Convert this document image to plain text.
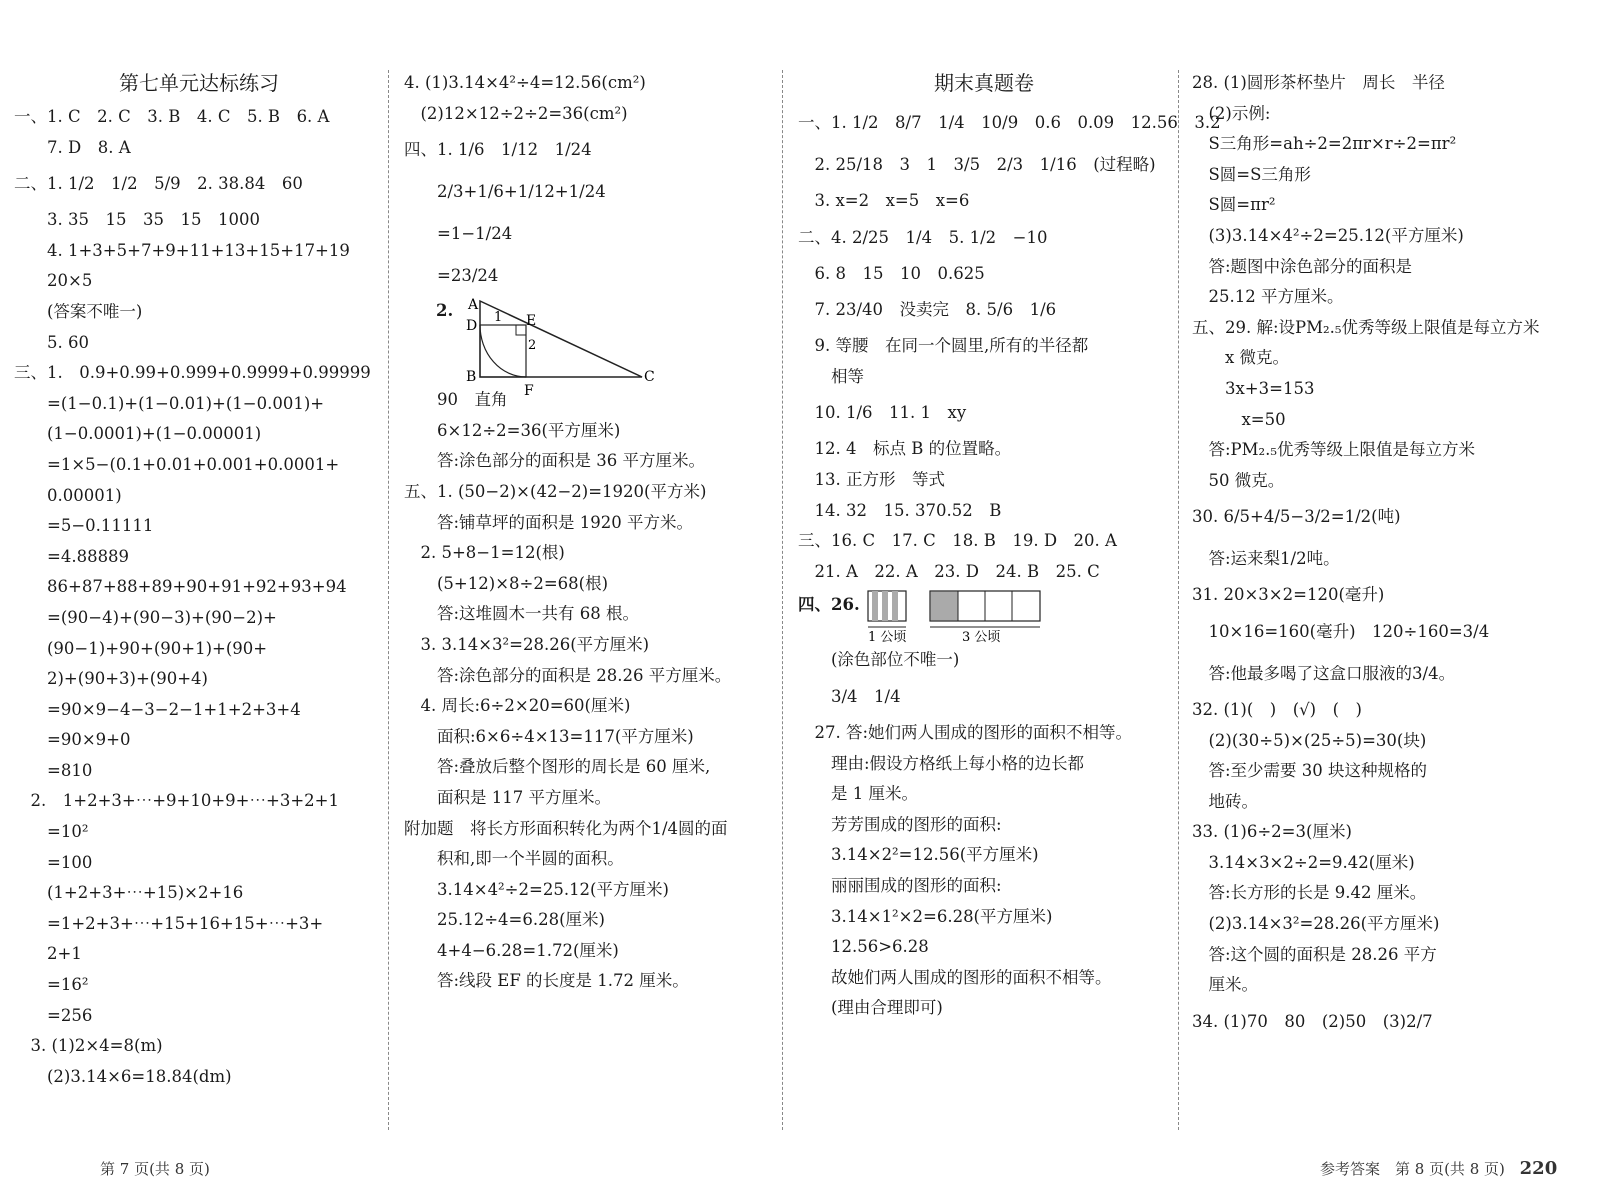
第七单元达标练习
一、1. C　2. C　3. B　4. C　5. B　6. A
　　7. D　8. A
二、1. 1/2　1/2　5/9　2. 38.84　60
　　3. 35　15　35　15　1000
　　4. 1+3+5+7+9+11+13+15+17+19
　　20×5
　　(答案不唯一)
　　5. 60
三、1.　0.9+0.99+0.999+0.9999+0.99999
　　=(1−0.1)+(1−0.01)+(1−0.001)+
　　(1−0.0001)+(1−0.00001)
　　=1×5−(0.1+0.01+0.001+0.0001+
　　0.00001)
　　=5−0.11111
　　=4.88889
　　86+87+88+89+90+91+92+93+94
　　=(90−4)+(90−3)+(90−2)+
　　(90−1)+90+(90+1)+(90+
　　2)+(90+3)+(90+4)
　　=90×9−4−3−2−1+1+2+3+4
　　=90×9+0
　　=810
　2.　1+2+3+⋯+9+10+9+⋯+3+2+1
　　=10²
　　=100
　　(1+2+3+⋯+15)×2+16
　　=1+2+3+⋯+15+16+15+⋯+3+
　　2+1
　　=16²
　　=256
　3. (1)2×4=8(m)
　　(2)3.14×6=18.84(dm)
4. (1)3.14×4²÷4=12.56(cm²)
　(2)12×12÷2÷2=36(cm²)
四、1. 1/6　1/12　1/24
　　2/3+1/6+1/12+1/24
　　=1−1/24
　　=23/24
2. A
D	E
B
F
C
1
2
　　90　直角
　　6×12÷2=36(平方厘米)
　　答:涂色部分的面积是 36 平方厘米。
五、1. (50−2)×(42−2)=1920(平方米)
　　答:铺草坪的面积是 1920 平方米。
　2. 5+8−1=12(根)
　　(5+12)×8÷2=68(根)
　　答:这堆圆木一共有 68 根。
　3. 3.14×3²=28.26(平方厘米)
　　答:涂色部分的面积是 28.26 平方厘米。
　4. 周长:6÷2×20=60(厘米)
　　面积:6×6÷4×13=117(平方厘米)
　　答:叠放后整个图形的周长是 60 厘米,
　　面积是 117 平方厘米。
附加题　将长方形面积转化为两个1/4圆的面
　　积和,即一个半圆的面积。
　　3.14×4²÷2=25.12(平方厘米)
　　25.12÷4=6.28(厘米)
　　4+4−6.28=1.72(厘米)
　　答:线段 EF 的长度是 1.72 厘米。
期末真题卷
一、1. 1/2　8/7　1/4　10/9　0.6　0.09　12.56　3.2
　2. 25/18　3　1　3/5　2/3　1/16　(过程略)
　3. x=2　x=5　x=6
二、4. 2/25　1/4　5. 1/2　−10
　6. 8　15　10　0.625
　7. 23/40　没卖完　8. 5/6　1/6
　9. 等腰　在同一个圆里,所有的半径都
　　相等
　10. 1/6　11. 1　xy
　12. 4　标点 B 的位置略。
　13. 正方形　等式
　14. 32　15. 370.52　B
三、16. C　17. C　18. B　19. D　20. A
　21. A　22. A　23. D　24. B　25. C
四、26.
1 公顷	3 公顷
　　(涂色部位不唯一)
　　3/4　1/4
　27. 答:她们两人围成的图形的面积不相等。
　　理由:假设方格纸上每小格的边长都
　　是 1 厘米。
　　芳芳围成的图形的面积:
　　3.14×2²=12.56(平方厘米)
　　丽丽围成的图形的面积:
　　3.14×1²×2=6.28(平方厘米)
　　12.56>6.28
　　故她们两人围成的图形的面积不相等。
　　(理由合理即可)
28. (1)圆形茶杯垫片　周长　半径
　(2)示例:
　S三角形=ah÷2=2πr×r÷2=πr²
　S圆=S三角形
　S圆=πr²
　(3)3.14×4²÷2=25.12(平方厘米)
　答:题图中涂色部分的面积是
　25.12 平方厘米。
五、29. 解:设PM₂.₅优秀等级上限值是每立方米
　　x 微克。
　　3x+3=153
　　　x=50
　答:PM₂.₅优秀等级上限值是每立方米
　50 微克。
30. 6/5+4/5−3/2=1/2(吨)
　答:运来梨1/2吨。
31. 20×3×2=120(毫升)
　10×16=160(毫升)　120÷160=3/4
　答:他最多喝了这盒口服液的3/4。
32. (1)(　)　(√)　(　)
　(2)(30÷5)×(25÷5)=30(块)
　答:至少需要 30 块这种规格的
　地砖。
33. (1)6÷2=3(厘米)
　3.14×3×2÷2=9.42(厘米)
　答:长方形的长是 9.42 厘米。
　(2)3.14×3²=28.26(平方厘米)
　答:这个圆的面积是 28.26 平方
　厘米。
34. (1)70　80　(2)50　(3)2/7
第 7 页(共 8 页)	参考答案　第 8 页(共 8 页) 220
